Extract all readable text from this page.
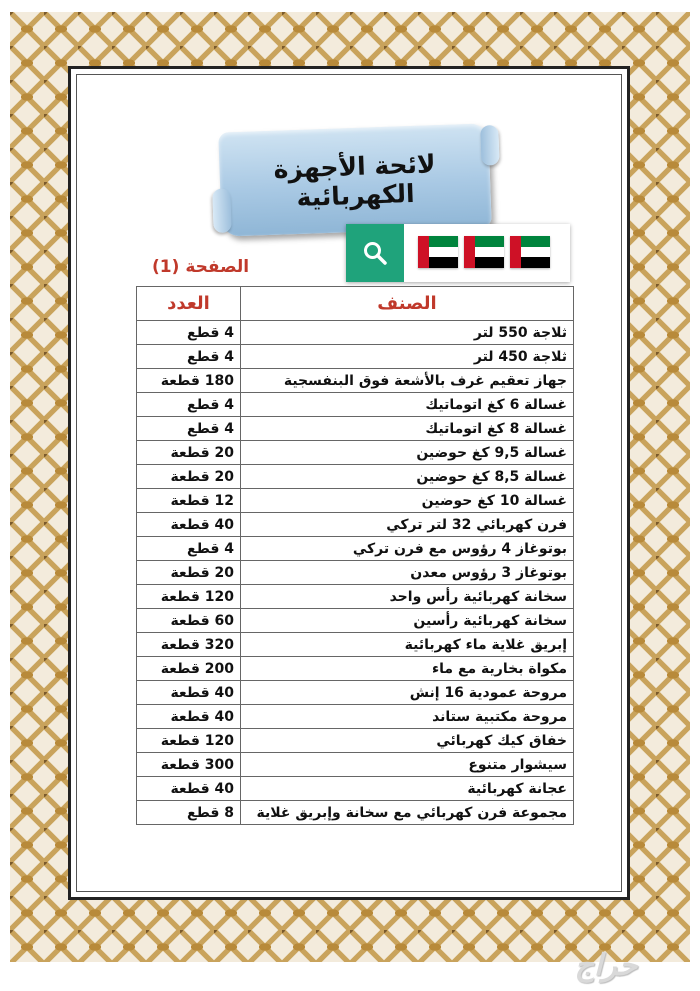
لائحة الأجهزة الكهربائية
الصفحة (1)
الصنف	العدد
ثلاجة 550 لتر	4 قطع
ثلاجة 450 لتر	4 قطع
جهاز تعقيم غرف بالأشعة فوق البنفسجية	180 قطعة
غسالة 6 كغ اتوماتيك	4 قطع
غسالة 8 كغ اتوماتيك	4 قطع
غسالة 9,5 كغ حوضين	20 قطعة
غسالة 8,5 كغ حوضين	20 قطعة
غسالة 10 كغ حوضين	12 قطعة
فرن كهربائي 32 لتر تركي	40 قطعة
بوتوغاز 4 رؤوس مع فرن تركي	4 قطع
بوتوغاز 3 رؤوس معدن	20 قطعة
سخانة كهربائية رأس واحد	120 قطعة
سخانة كهربائية رأسين	60 قطعة
إبريق غلاية ماء كهربائية	320 قطعة
مكواة بخارية مع ماء	200 قطعة
مروحة عمودية 16 إنش	40 قطعة
مروحة مكتبية ستاند	40 قطعة
خفاق كيك كهربائي	120 قطعة
سيشوار متنوع	300 قطعة
عجانة كهربائية	40 قطعة
مجموعة فرن كهربائي مع سخانة وإبريق غلاية	8 قطع
حراج
